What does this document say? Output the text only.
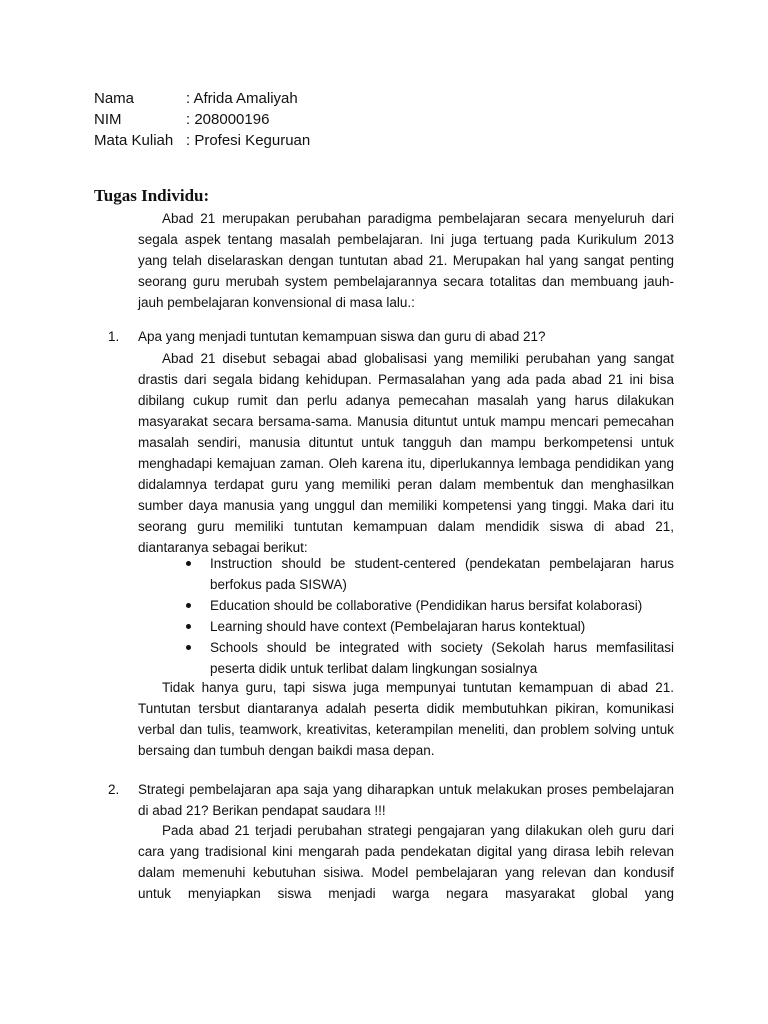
Nama	: Afrida Amaliyah
NIM	: 208000196
Mata Kuliah : Profesi Keguruan
Tugas Individu:

Abad 21 merupakan perubahan paradigma pembelajaran secara menyeluruh dari segala aspek tentang masalah pembelajaran. Ini juga tertuang pada Kurikulum 2013 yang telah diselaraskan dengan tuntutan abad 21. Merupakan hal yang sangat penting seorang guru merubah system pembelajarannya secara totalitas dan membuang jauh-jauh pembelajaran konvensional di masa lalu.:

1.	Apa yang menjadi tuntutan kemampuan siswa dan guru di abad 21?

Abad 21 disebut sebagai abad globalisasi yang memiliki perubahan yang sangat drastis dari segala bidang kehidupan. Permasalahan yang ada pada abad 21 ini bisa dibilang cukup rumit dan perlu adanya pemecahan masalah yang harus dilakukan masyarakat secara bersama-sama. Manusia dituntut untuk mampu mencari pemecahan masalah sendiri, manusia dituntut untuk tangguh dan mampu berkompetensi untuk menghadapi kemajuan zaman. Oleh karena itu, diperlukannya lembaga pendidikan yang didalamnya terdapat guru yang memiliki peran dalam membentuk dan menghasilkan sumber daya manusia yang unggul dan memiliki kompetensi yang tinggi. Maka dari itu seorang guru memiliki tuntutan kemampuan dalam mendidik siswa di abad 21, diantaranya sebagai berikut:

Instruction should be student-centered (pendekatan pembelajaran harus berfokus pada SISWA)
Education should be collaborative (Pendidikan harus bersifat kolaborasi)
Learning should have context (Pembelajaran harus kontektual)
Schools should be integrated with society (Sekolah harus memfasilitasi peserta didik untuk terlibat dalam lingkungan sosialnya

Tidak hanya guru, tapi siswa juga mempunyai tuntutan kemampuan di abad 21. Tuntutan tersbut diantaranya adalah peserta didik membutuhkan pikiran, komunikasi verbal dan tulis, teamwork, kreativitas, keterampilan meneliti, dan problem solving untuk bersaing dan tumbuh dengan baikdi masa depan.

2.	Strategi pembelajaran apa saja yang diharapkan untuk melakukan proses pembelajaran di abad 21? Berikan pendapat saudara !!!

Pada abad 21 terjadi perubahan strategi pengajaran yang dilakukan oleh guru dari cara yang tradisional kini mengarah pada pendekatan digital yang dirasa lebih relevan dalam memenuhi kebutuhan sisiwa. Model pembelajaran yang relevan dan kondusif untuk menyiapkan siswa menjadi warga negara masyarakat global yang
